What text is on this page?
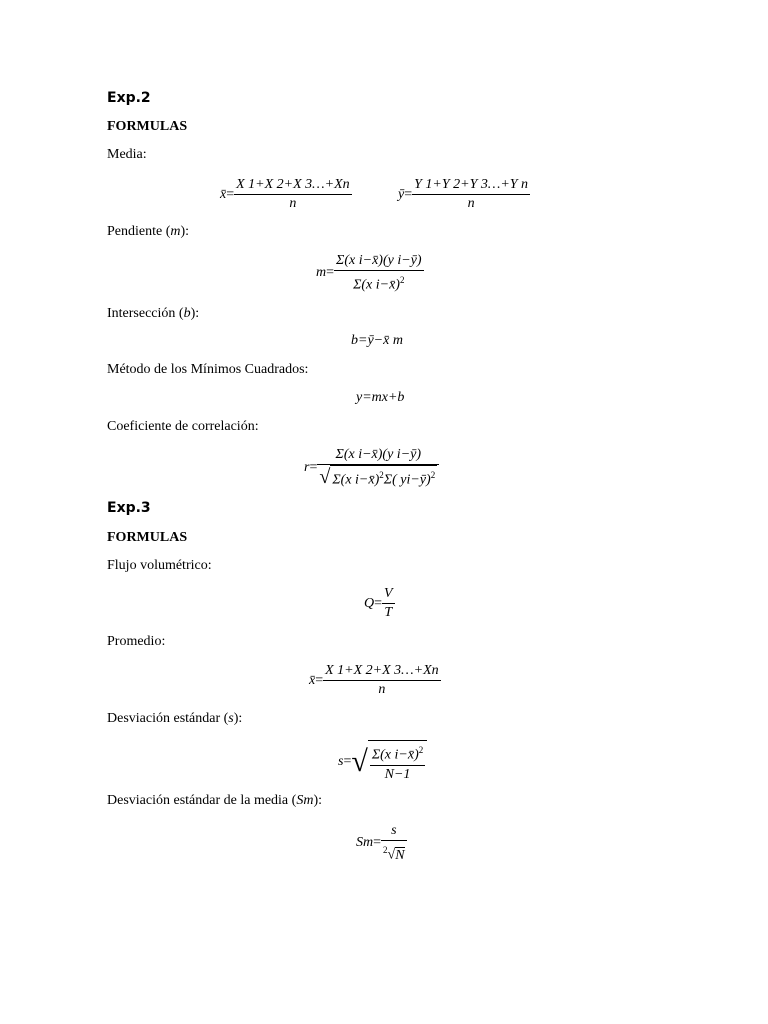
Exp.2
FORMULAS
Media:
x̄= $\frac{X 1+X 2+X 3\dots+Xn}{n}$	ȳ= $\frac{\text{Y 1+Y 2+Y 3…+Y n}}{n}$
Pendiente (m):
$m= \frac{\text{Σ(x i−x̄)(y i−ȳ)}}{\Sigma(x i-x̄)^2}$
Intersección (b):
b=ȳ−x̄ m
Método de los Mínimos Cuadrados:
y=mx+b
Coeficiente de correlación:
$r= \frac{\text{Σ(x i−x̄)(y i−ȳ)}}{√ \Sigma(x i-x̄)^2\Sigma( yi-ȳ)^2}$
Exp.3
FORMULAS
Flujo volumétrico:
$Q= \frac{V}{T}$
Promedio:
x̄= $\frac{X 1+X 2+X 3\dots+Xn}{n}$
Desviación estándar (s):
$s=√ \frac{\Sigma(x i-x̄)^2}{N-1}$
Desviación estándar de la media (Sm):
$Sm= \frac{s}{^2√N}$
